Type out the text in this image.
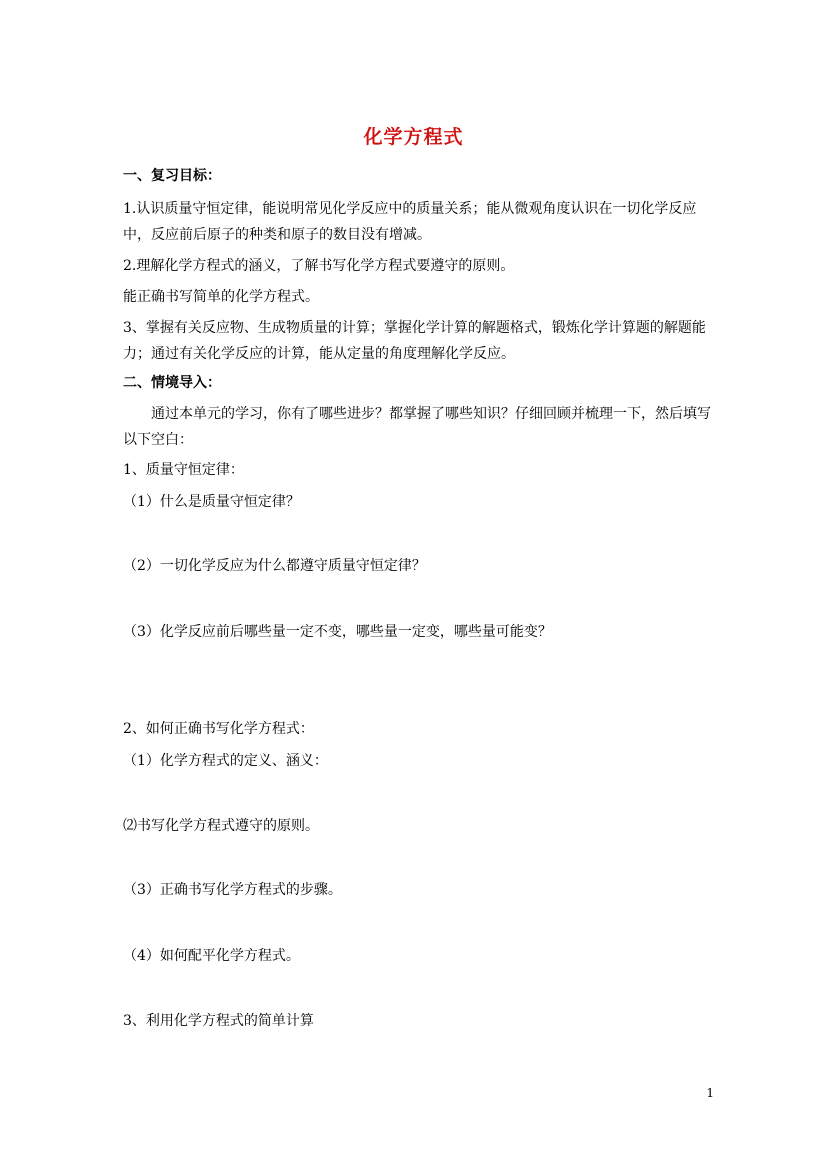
化学方程式
一、复习目标：
1.认识质量守恒定律，能说明常见化学反应中的质量关系；能从微观角度认识在一切化学反应中，反应前后原子的种类和原子的数目没有增减。
2.理解化学方程式的涵义，了解书写化学方程式要遵守的原则。
能正确书写简单的化学方程式。
3、掌握有关反应物、生成物质量的计算；掌握化学计算的解题格式，锻炼化学计算题的解题能力；通过有关化学反应的计算，能从定量的角度理解化学反应。
二、情境导入：
通过本单元的学习，你有了哪些进步？都掌握了哪些知识？仔细回顾并梳理一下，然后填写以下空白：
1、质量守恒定律：
（1）什么是质量守恒定律？
（2）一切化学反应为什么都遵守质量守恒定律？
（3）化学反应前后哪些量一定不变，哪些量一定变，哪些量可能变？
2、如何正确书写化学方程式：
（1）化学方程式的定义、涵义：
⑵书写化学方程式遵守的原则。
（3）正确书写化学方程式的步骤。
（4）如何配平化学方程式。
3、利用化学方程式的简单计算
1
